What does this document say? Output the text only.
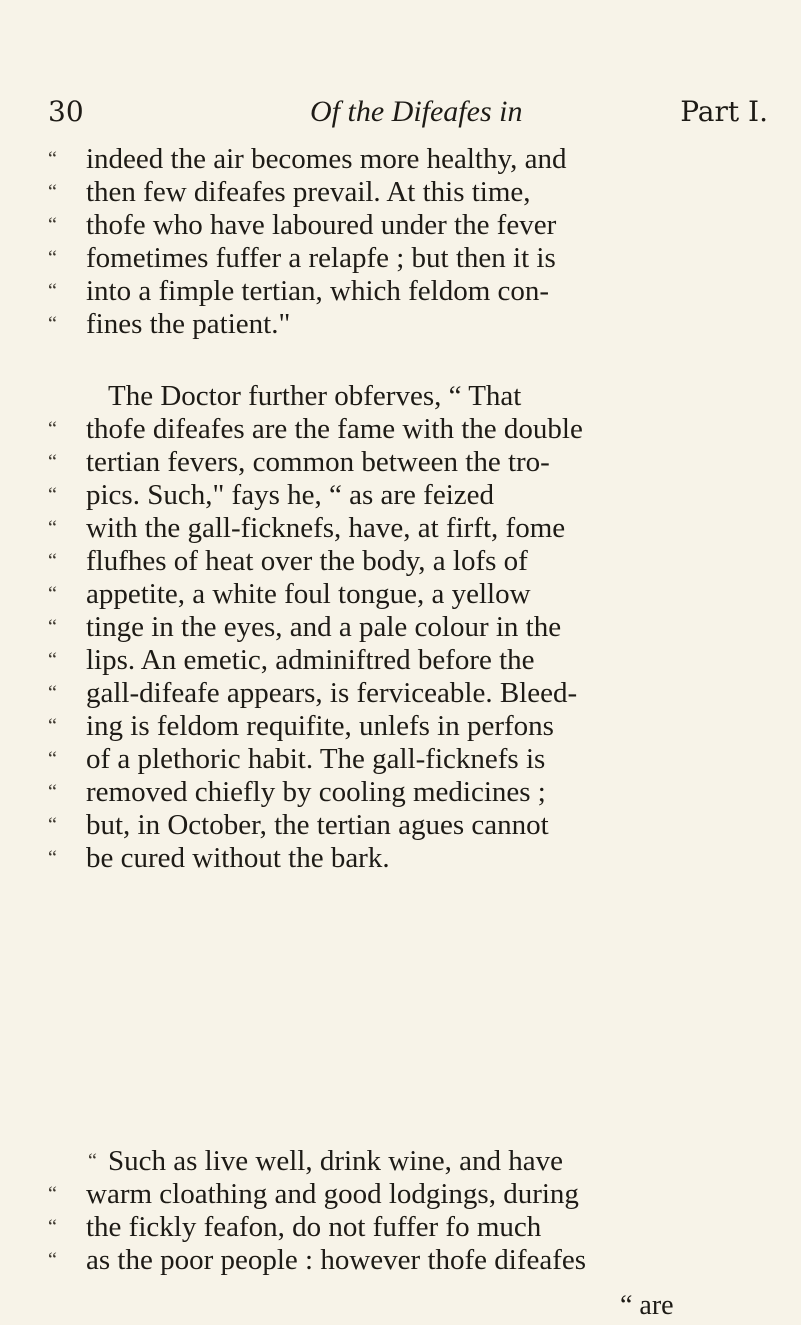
30	Of the Difeafes in	Part I.
“ indeed the air becomes more healthy, and
“ then few difeafes prevail. At this time,
“ thofe who have laboured under the fever
“ fometimes fuffer a relapfe ; but then it is
“ into a fimple tertian, which feldom con-
“ fines the patient."
The Doctor further obferves, “ That
“ thofe difeafes are the fame with the double
“ tertian fevers, common between the tro-
“ pics. Such," fays he, “ as are feized
“ with the gall-ficknefs, have, at firft, fome
“ flufhes of heat over the body, a lofs of
“ appetite, a white foul tongue, a yellow
“ tinge in the eyes, and a pale colour in the
“ lips. An emetic, adminiftred before the
“ gall-difeafe appears, is ferviceable. Bleed-
“ ing is feldom requifite, unlefs in perfons
“ of a plethoric habit. The gall-ficknefs is
“ removed chiefly by cooling medicines ;
“ but, in October, the tertian agues cannot
“ be cured without the bark.
“ Such as live well, drink wine, and have
“ warm cloathing and good lodgings, during
“ the fickly feafon, do not fuffer fo much
“ as the poor people : however thofe difeafes
“ are
